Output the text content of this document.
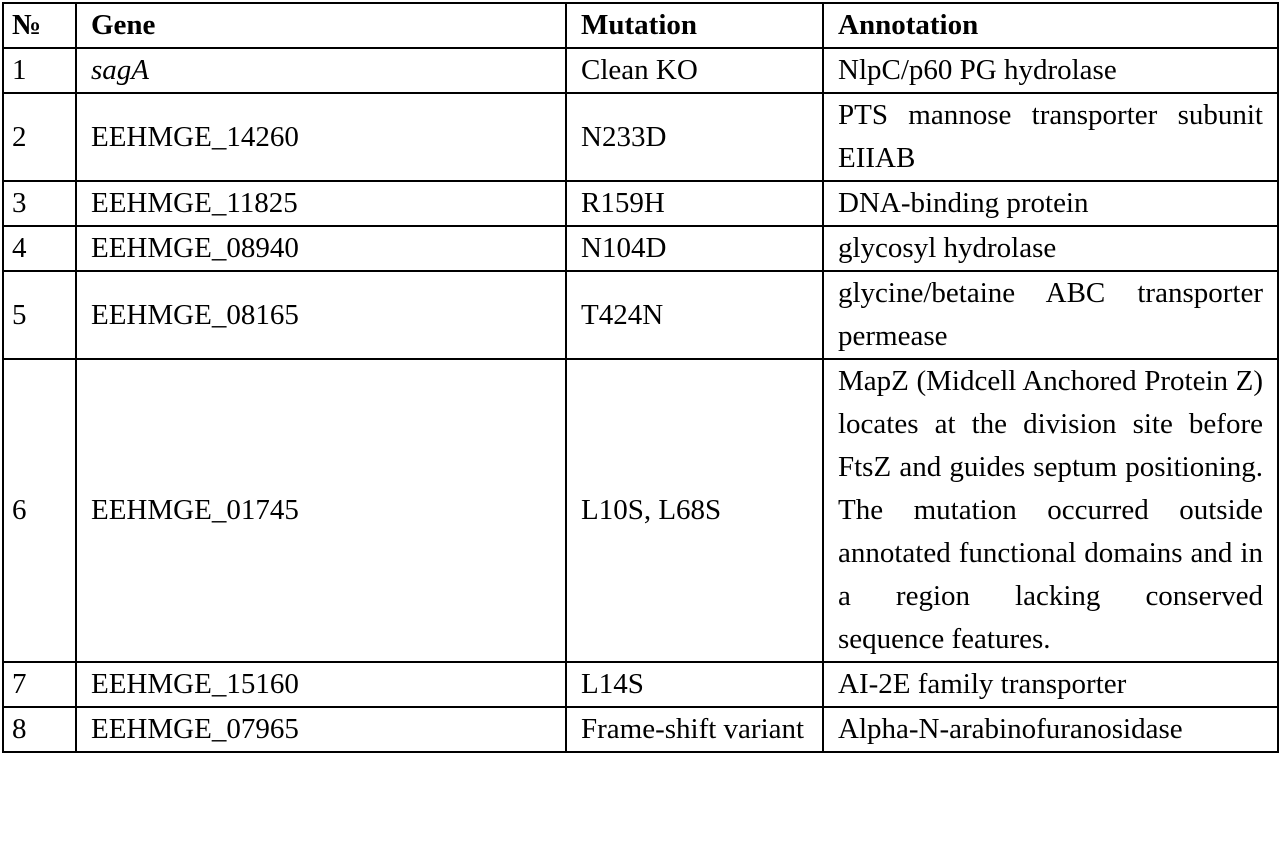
№	Gene	Mutation	Annotation
1	sagA	Clean KO	NlpC/p60 PG hydrolase
2	EEHMGE_14260	N233D	PTS mannose transporter subunit EIIAB
3	EEHMGE_11825	R159H	DNA-binding protein
4	EEHMGE_08940	N104D	glycosyl hydrolase
5	EEHMGE_08165	T424N	glycine/betaine ABC transporter permease
6	EEHMGE_01745	L10S, L68S	MapZ (Midcell Anchored Protein Z) locates at the division site before FtsZ and guides septum positioning. The mutation occurred outside annotated functional domains and in a region lacking conserved sequence features.
7	EEHMGE_15160	L14S	AI-2E family transporter
8	EEHMGE_07965	Frame-shift variant	Alpha-N-arabinofuranosidase
